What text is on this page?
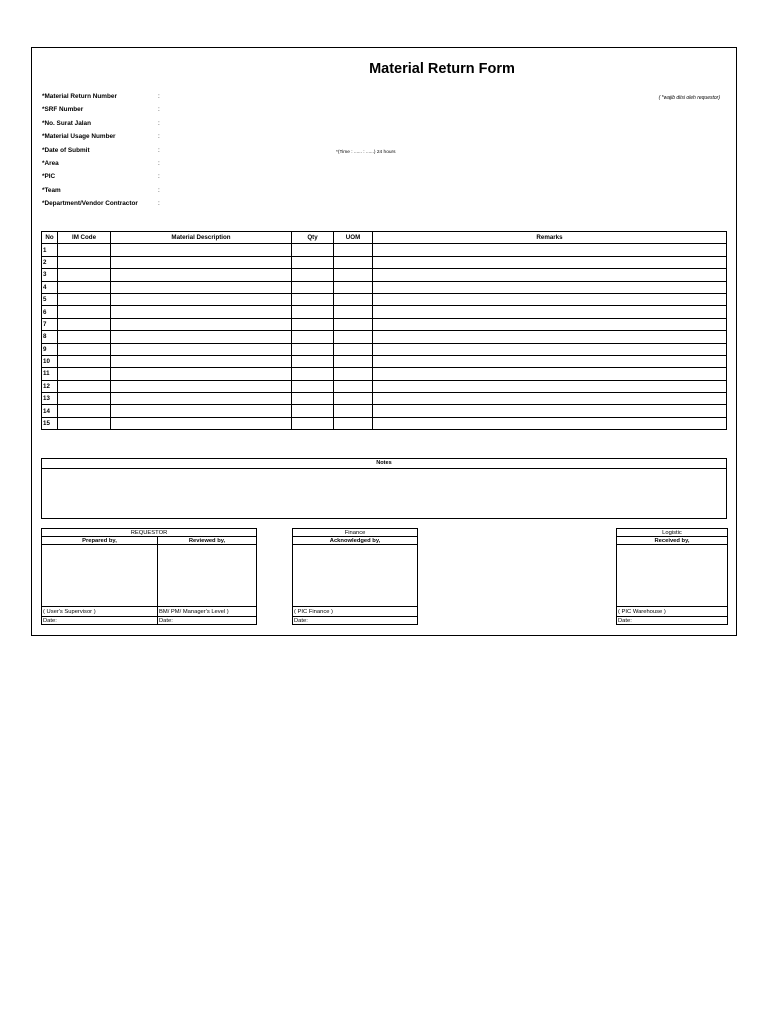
Material Return Form
( *wajib diisi oleh requestor)
*Material Return Number	:
*SRF Number	:
*No. Surat Jalan	:
*Material Usage Number	:
*Date of Submit	:
*Area	:
*PIC	:
*Team	:
*Department/Vendor Contractor	:
*(Time : ...... : ......) 24 hours
No	IM Code	Material Description	Qty	UOM	Remarks
1					
2					
3					
4					
5					
6					
7					
8					
9					
10					
11					
12					
13					
14					
15					
Notes
REQUESTOR	
Prepared by,	Reviewed by,

( User's Supervisor )	BM/ PM/ Manager's Level )
Date:	Date:
Finance
Acknowledged by,

( PIC Finance )
Date:
Logistic
Received by,

( PIC Warehouse )
Date:
